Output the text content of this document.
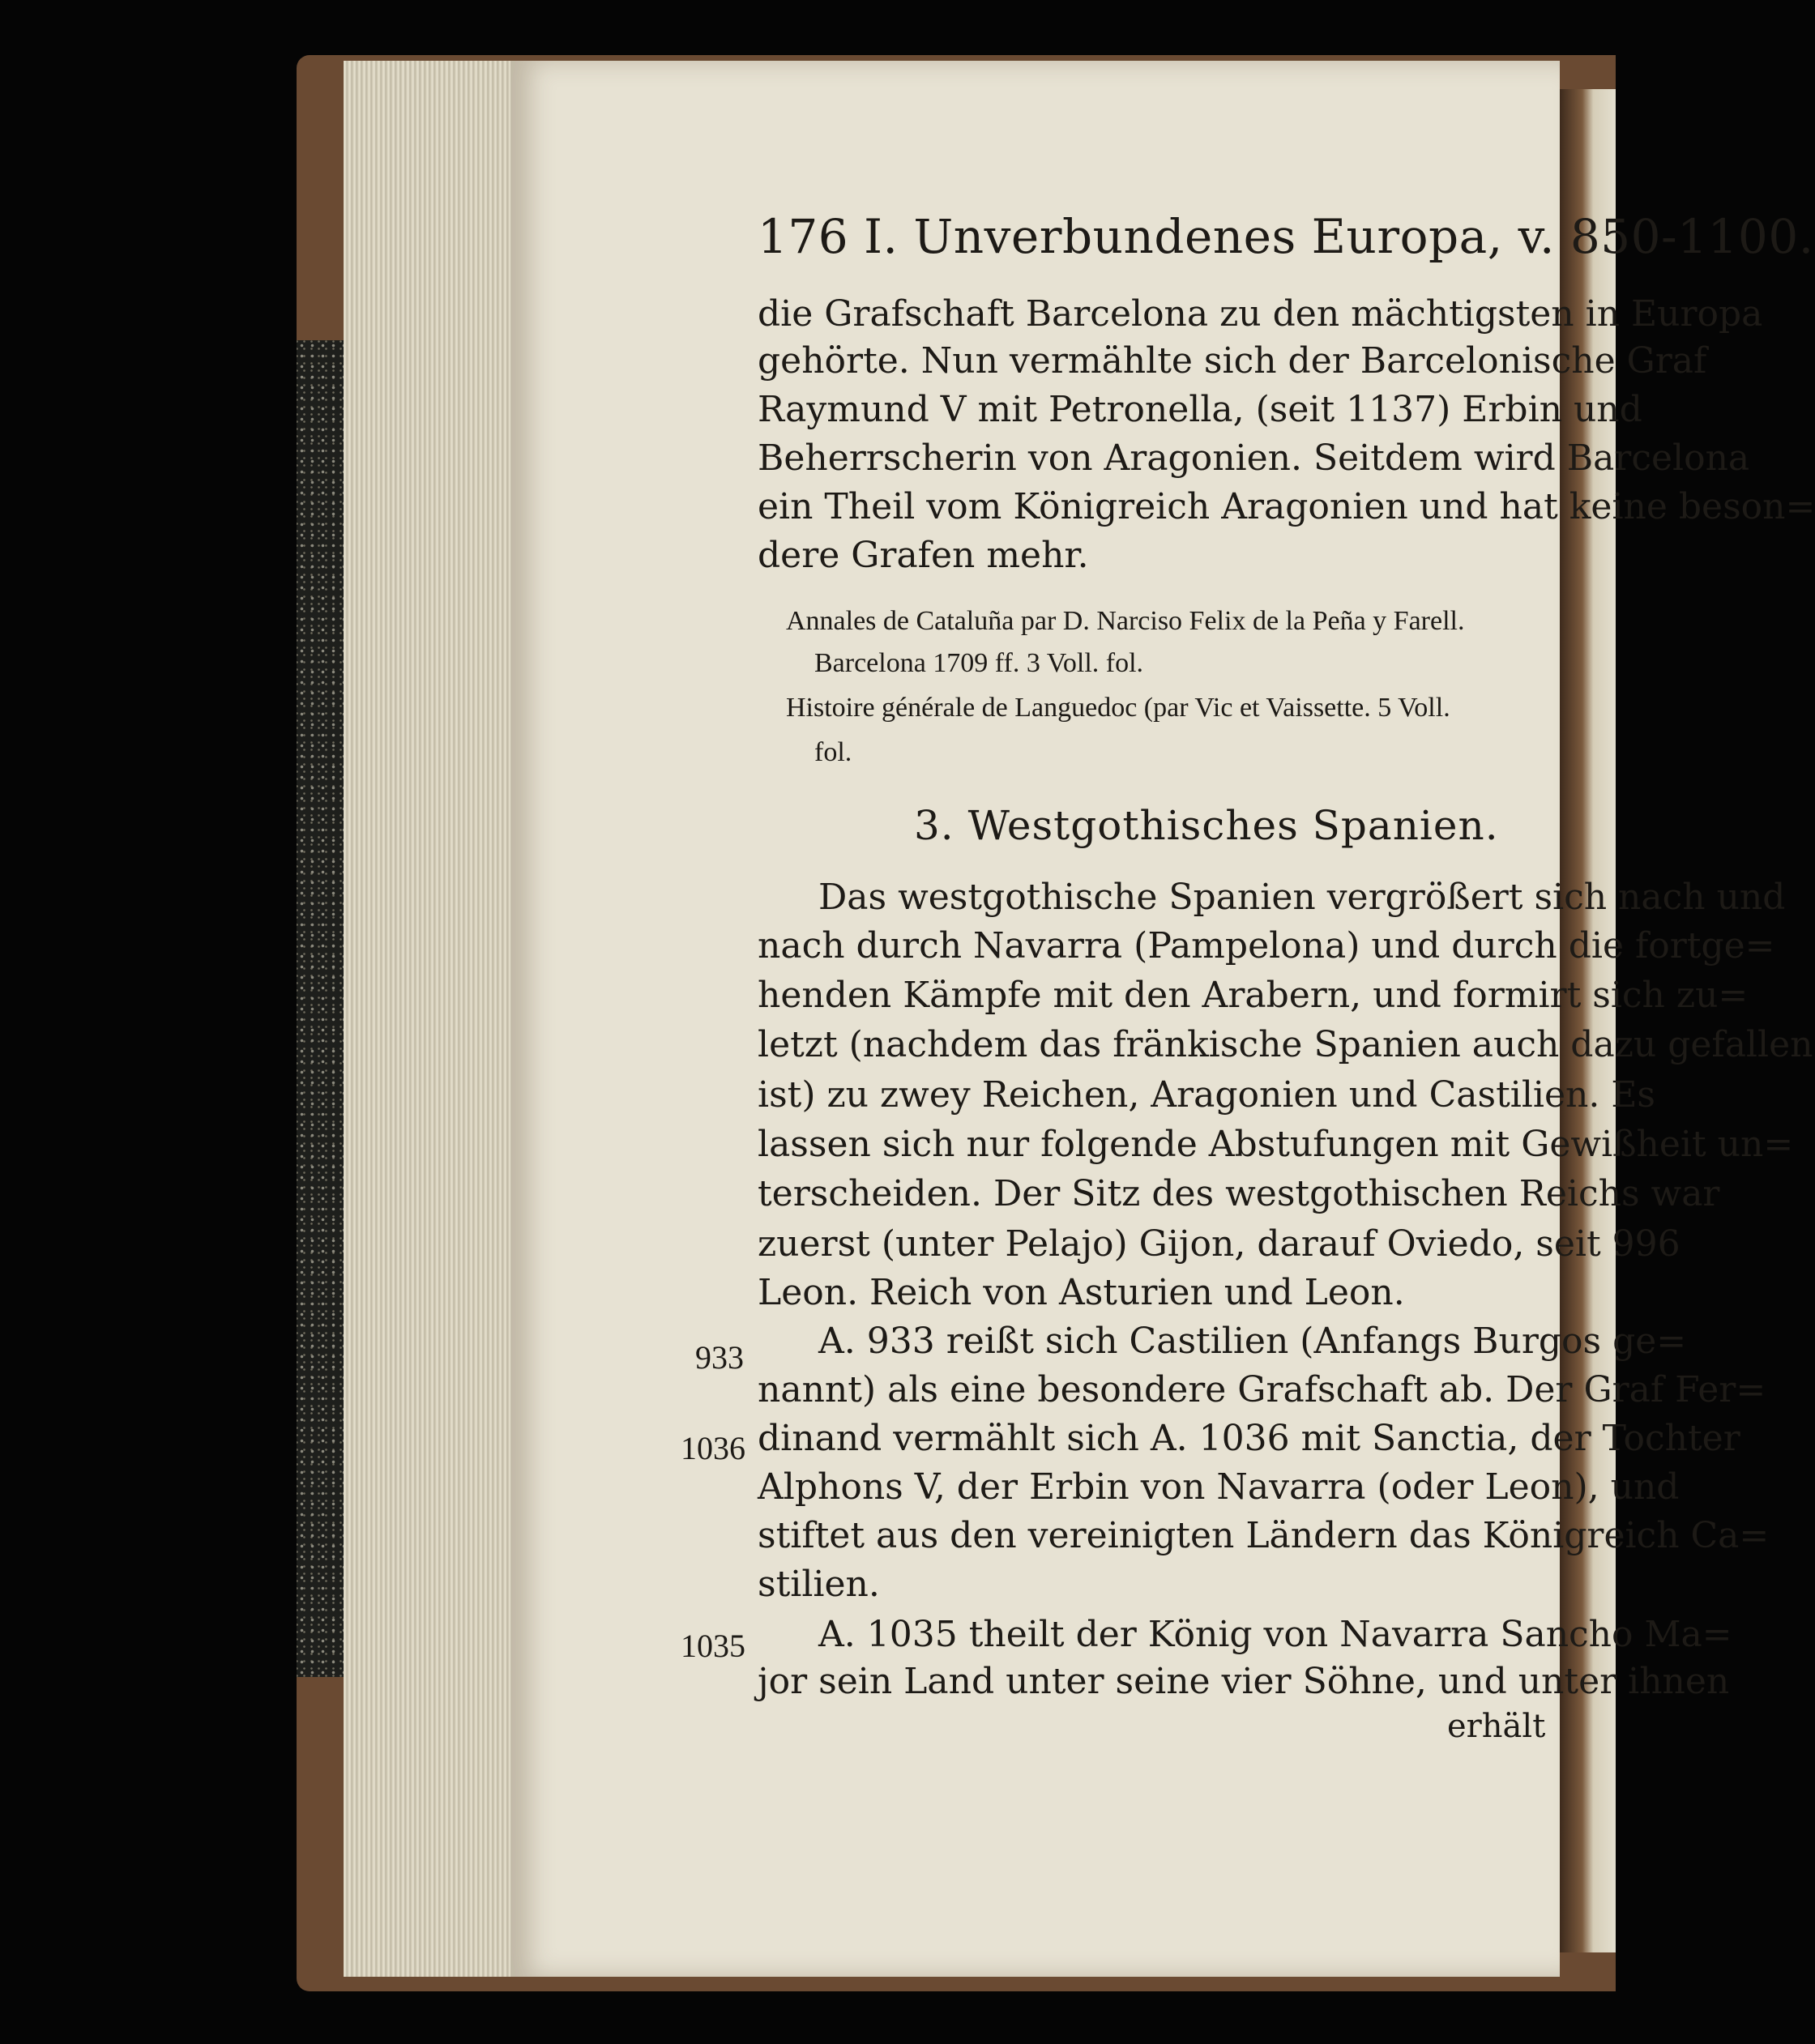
176 I. Unverbundenes Europa, v. 850-1100.
die Grafschaft Barcelona zu den mächtigsten in Europa
gehörte. Nun vermählte sich der Barcelonische Graf
Raymund V mit Petronella, (seit 1137) Erbin und
Beherrscherin von Aragonien. Seitdem wird Barcelona
ein Theil vom Königreich Aragonien und hat keine beson=
dere Grafen mehr.
Annales de Cataluña par D. Narciso Felix de la Peña y Farell.
Barcelona 1709 ff. 3 Voll. fol.
Histoire générale de Languedoc (par Vic et Vaissette. 5 Voll.
fol.
3. Westgothisches Spanien.
Das westgothische Spanien vergrößert sich nach und
nach durch Navarra (Pampelona) und durch die fortge=
henden Kämpfe mit den Arabern, und formirt sich zu=
letzt (nachdem das fränkische Spanien auch dazu gefallen
ist) zu zwey Reichen, Aragonien und Castilien. Es
lassen sich nur folgende Abstufungen mit Gewißheit un=
terscheiden. Der Sitz des westgothischen Reichs war
zuerst (unter Pelajo) Gijon, darauf Oviedo, seit 996
Leon. Reich von Asturien und Leon.
933
1036
1035
A. 933 reißt sich Castilien (Anfangs Burgos ge=
nannt) als eine besondere Grafschaft ab. Der Graf Fer=
dinand vermählt sich A. 1036 mit Sanctia, der Tochter
Alphons V, der Erbin von Navarra (oder Leon), und
stiftet aus den vereinigten Ländern das Königreich Ca=
stilien.
A. 1035 theilt der König von Navarra Sancho Ma=
jor sein Land unter seine vier Söhne, und unter ihnen
erhält
